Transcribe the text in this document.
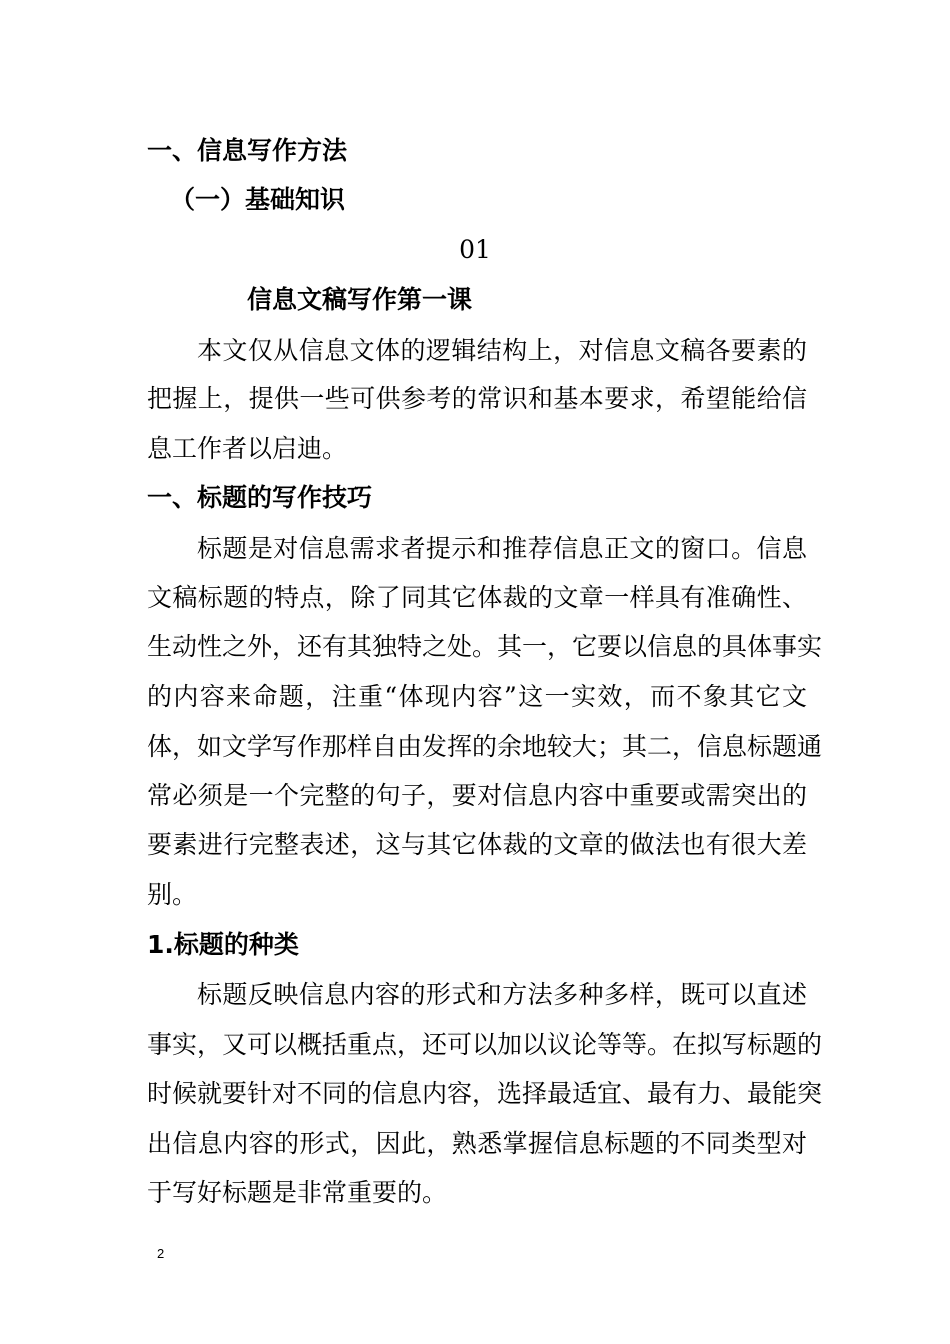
一、信息写作方法
（一）基础知识
01
信息文稿写作第一课
本文仅从信息文体的逻辑结构上，对信息文稿各要素的
把握上，提供一些可供参考的常识和基本要求，希望能给信
息工作者以启迪。
一、标题的写作技巧
标题是对信息需求者提示和推荐信息正文的窗口。信息
文稿标题的特点，除了同其它体裁的文章一样具有准确性、
生动性之外，还有其独特之处。其一，它要以信息的具体事实
的内容来命题，注重“体现内容”这一实效，而不象其它文
体，如文学写作那样自由发挥的余地较大；其二，信息标题通
常必须是一个完整的句子，要对信息内容中重要或需突出的
要素进行完整表述，这与其它体裁的文章的做法也有很大差
别。
1.标题的种类
标题反映信息内容的形式和方法多种多样，既可以直述
事实，又可以概括重点，还可以加以议论等等。在拟写标题的
时候就要针对不同的信息内容，选择最适宜、最有力、最能突
出信息内容的形式，因此，熟悉掌握信息标题的不同类型对
于写好标题是非常重要的。
2
